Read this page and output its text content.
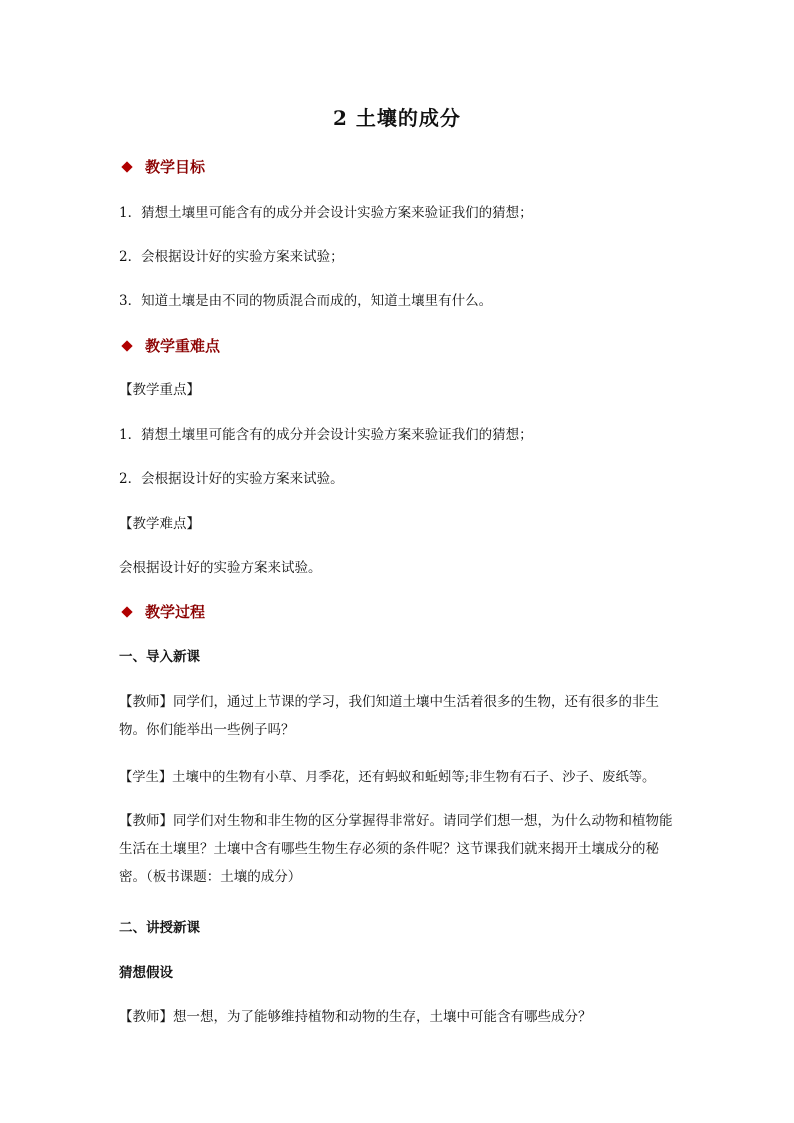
2 土壤的成分
教学目标
1．猜想土壤里可能含有的成分并会设计实验方案来验证我们的猜想；
2．会根据设计好的实验方案来试验；
3．知道土壤是由不同的物质混合而成的，知道土壤里有什么。
教学重难点
【教学重点】
1．猜想土壤里可能含有的成分并会设计实验方案来验证我们的猜想；
2．会根据设计好的实验方案来试验。
【教学难点】
会根据设计好的实验方案来试验。
教学过程
一、导入新课
【教师】同学们，通过上节课的学习，我们知道土壤中生活着很多的生物，还有很多的非生物。你们能举出一些例子吗？
【学生】土壤中的生物有小草、月季花，还有蚂蚁和蚯蚓等;非生物有石子、沙子、废纸等。
【教师】同学们对生物和非生物的区分掌握得非常好。请同学们想一想，为什么动物和植物能生活在土壤里？土壤中含有哪些生物生存必须的条件呢？这节课我们就来揭开土壤成分的秘密。（板书课题：土壤的成分）
二、讲授新课
猜想假设
【教师】想一想，为了能够维持植物和动物的生存，土壤中可能含有哪些成分？
